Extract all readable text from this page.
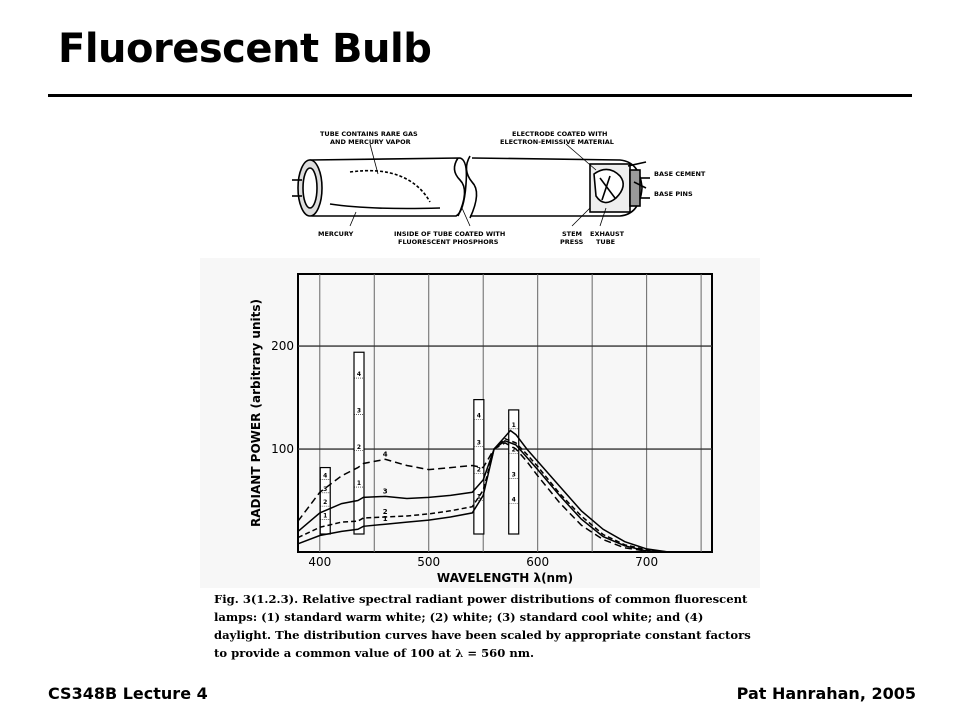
Fluorescent Bulb
TUBE CONTAINS RARE GAS
AND MERCURY VAPOR
ELECTRODE COATED WITH
ELECTRON-EMISSIVE MATERIAL
BASE CEMENT
BASE PINS
MERCURY	INSIDE OF TUBE COATED WITH
FLUORESCENT PHOSPHORS
STEM
PRESS
EXHAUST
TUBE
4
3
2
1
4
3
2
1
4
3
2
1
1
2
3
4
1
2
3
4
400	500	600	700
100
200
WAVELENGTH λ(nm)
RADIANT POWER (arbitrary units)

Fig. 3(1.2.3). Relative spectral radiant power distributions of common fluorescent lamps: (1) standard warm white; (2) white; (3) standard cool white; and (4) daylight. The distribution curves have been scaled by appropriate constant factors to provide a common value of 100 at λ = 560 nm.

CS348B Lecture 4	Pat Hanrahan, 2005
